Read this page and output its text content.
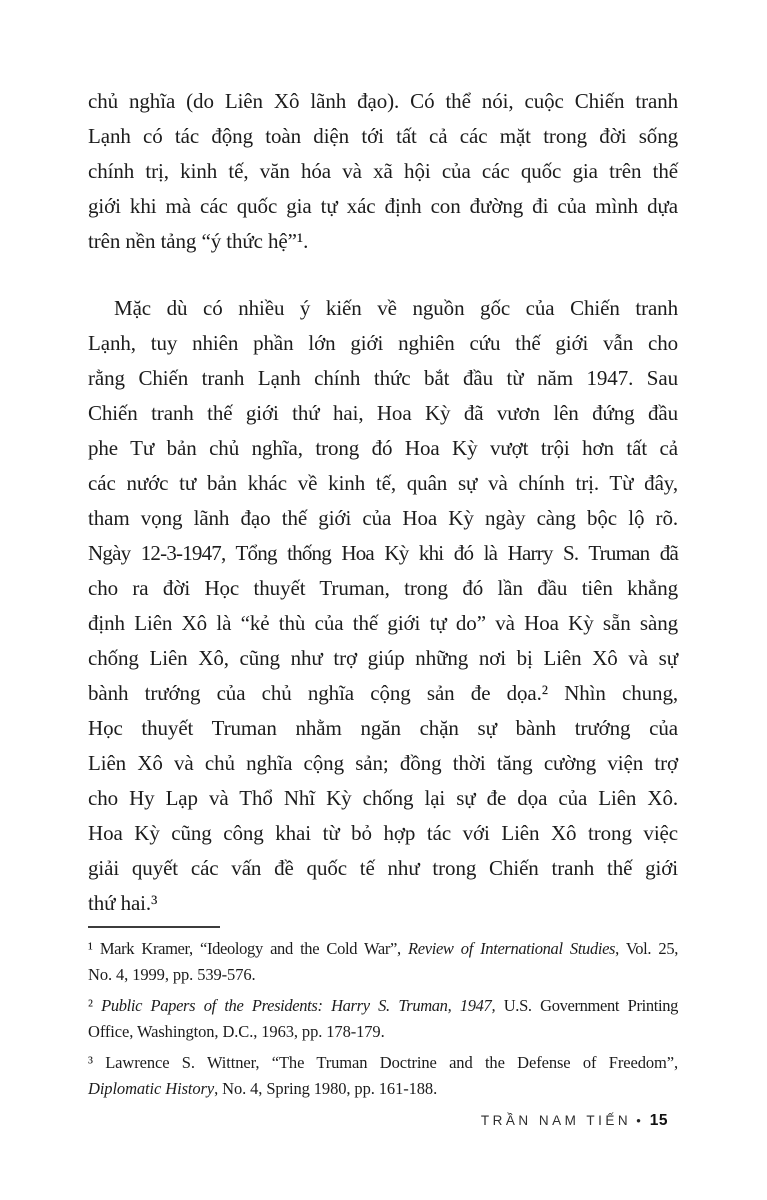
chủ nghĩa (do Liên Xô lãnh đạo). Có thể nói, cuộc Chiến tranh
Lạnh có tác động toàn diện tới tất cả các mặt trong đời sống
chính trị, kinh tế, văn hóa và xã hội của các quốc gia trên thế
giới khi mà các quốc gia tự xác định con đường đi của mình dựa
trên nền tảng “ý thức hệ”¹.
Mặc dù có nhiều ý kiến về nguồn gốc của Chiến tranh
Lạnh, tuy nhiên phần lớn giới nghiên cứu thế giới vẫn cho
rằng Chiến tranh Lạnh chính thức bắt đầu từ năm 1947. Sau
Chiến tranh thế giới thứ hai, Hoa Kỳ đã vươn lên đứng đầu
phe Tư bản chủ nghĩa, trong đó Hoa Kỳ vượt trội hơn tất cả
các nước tư bản khác về kinh tế, quân sự và chính trị. Từ đây,
tham vọng lãnh đạo thế giới của Hoa Kỳ ngày càng bộc lộ rõ.
Ngày 12-3-1947, Tổng thống Hoa Kỳ khi đó là Harry S. Truman đã
cho ra đời Học thuyết Truman, trong đó lần đầu tiên khẳng
định Liên Xô là “kẻ thù của thế giới tự do” và Hoa Kỳ sẵn sàng
chống Liên Xô, cũng như trợ giúp những nơi bị Liên Xô và sự
bành trướng của chủ nghĩa cộng sản đe dọa.² Nhìn chung,
Học thuyết Truman nhằm ngăn chặn sự bành trướng của
Liên Xô và chủ nghĩa cộng sản; đồng thời tăng cường viện trợ
cho Hy Lạp và Thổ Nhĩ Kỳ chống lại sự đe dọa của Liên Xô.
Hoa Kỳ cũng công khai từ bỏ hợp tác với Liên Xô trong việc
giải quyết các vấn đề quốc tế như trong Chiến tranh thế giới
thứ hai.³
¹ Mark Kramer, “Ideology and the Cold War”, Review of International Studies, Vol. 25,
No. 4, 1999, pp. 539-576.
² Public Papers of the Presidents: Harry S. Truman, 1947, U.S. Government Printing
Office, Washington, D.C., 1963, pp. 178-179.
³ Lawrence S. Wittner, “The Truman Doctrine and the Defense of Freedom”,
Diplomatic History, No. 4, Spring 1980, pp. 161-188.
TRẦN NAM TIẾN • 15
